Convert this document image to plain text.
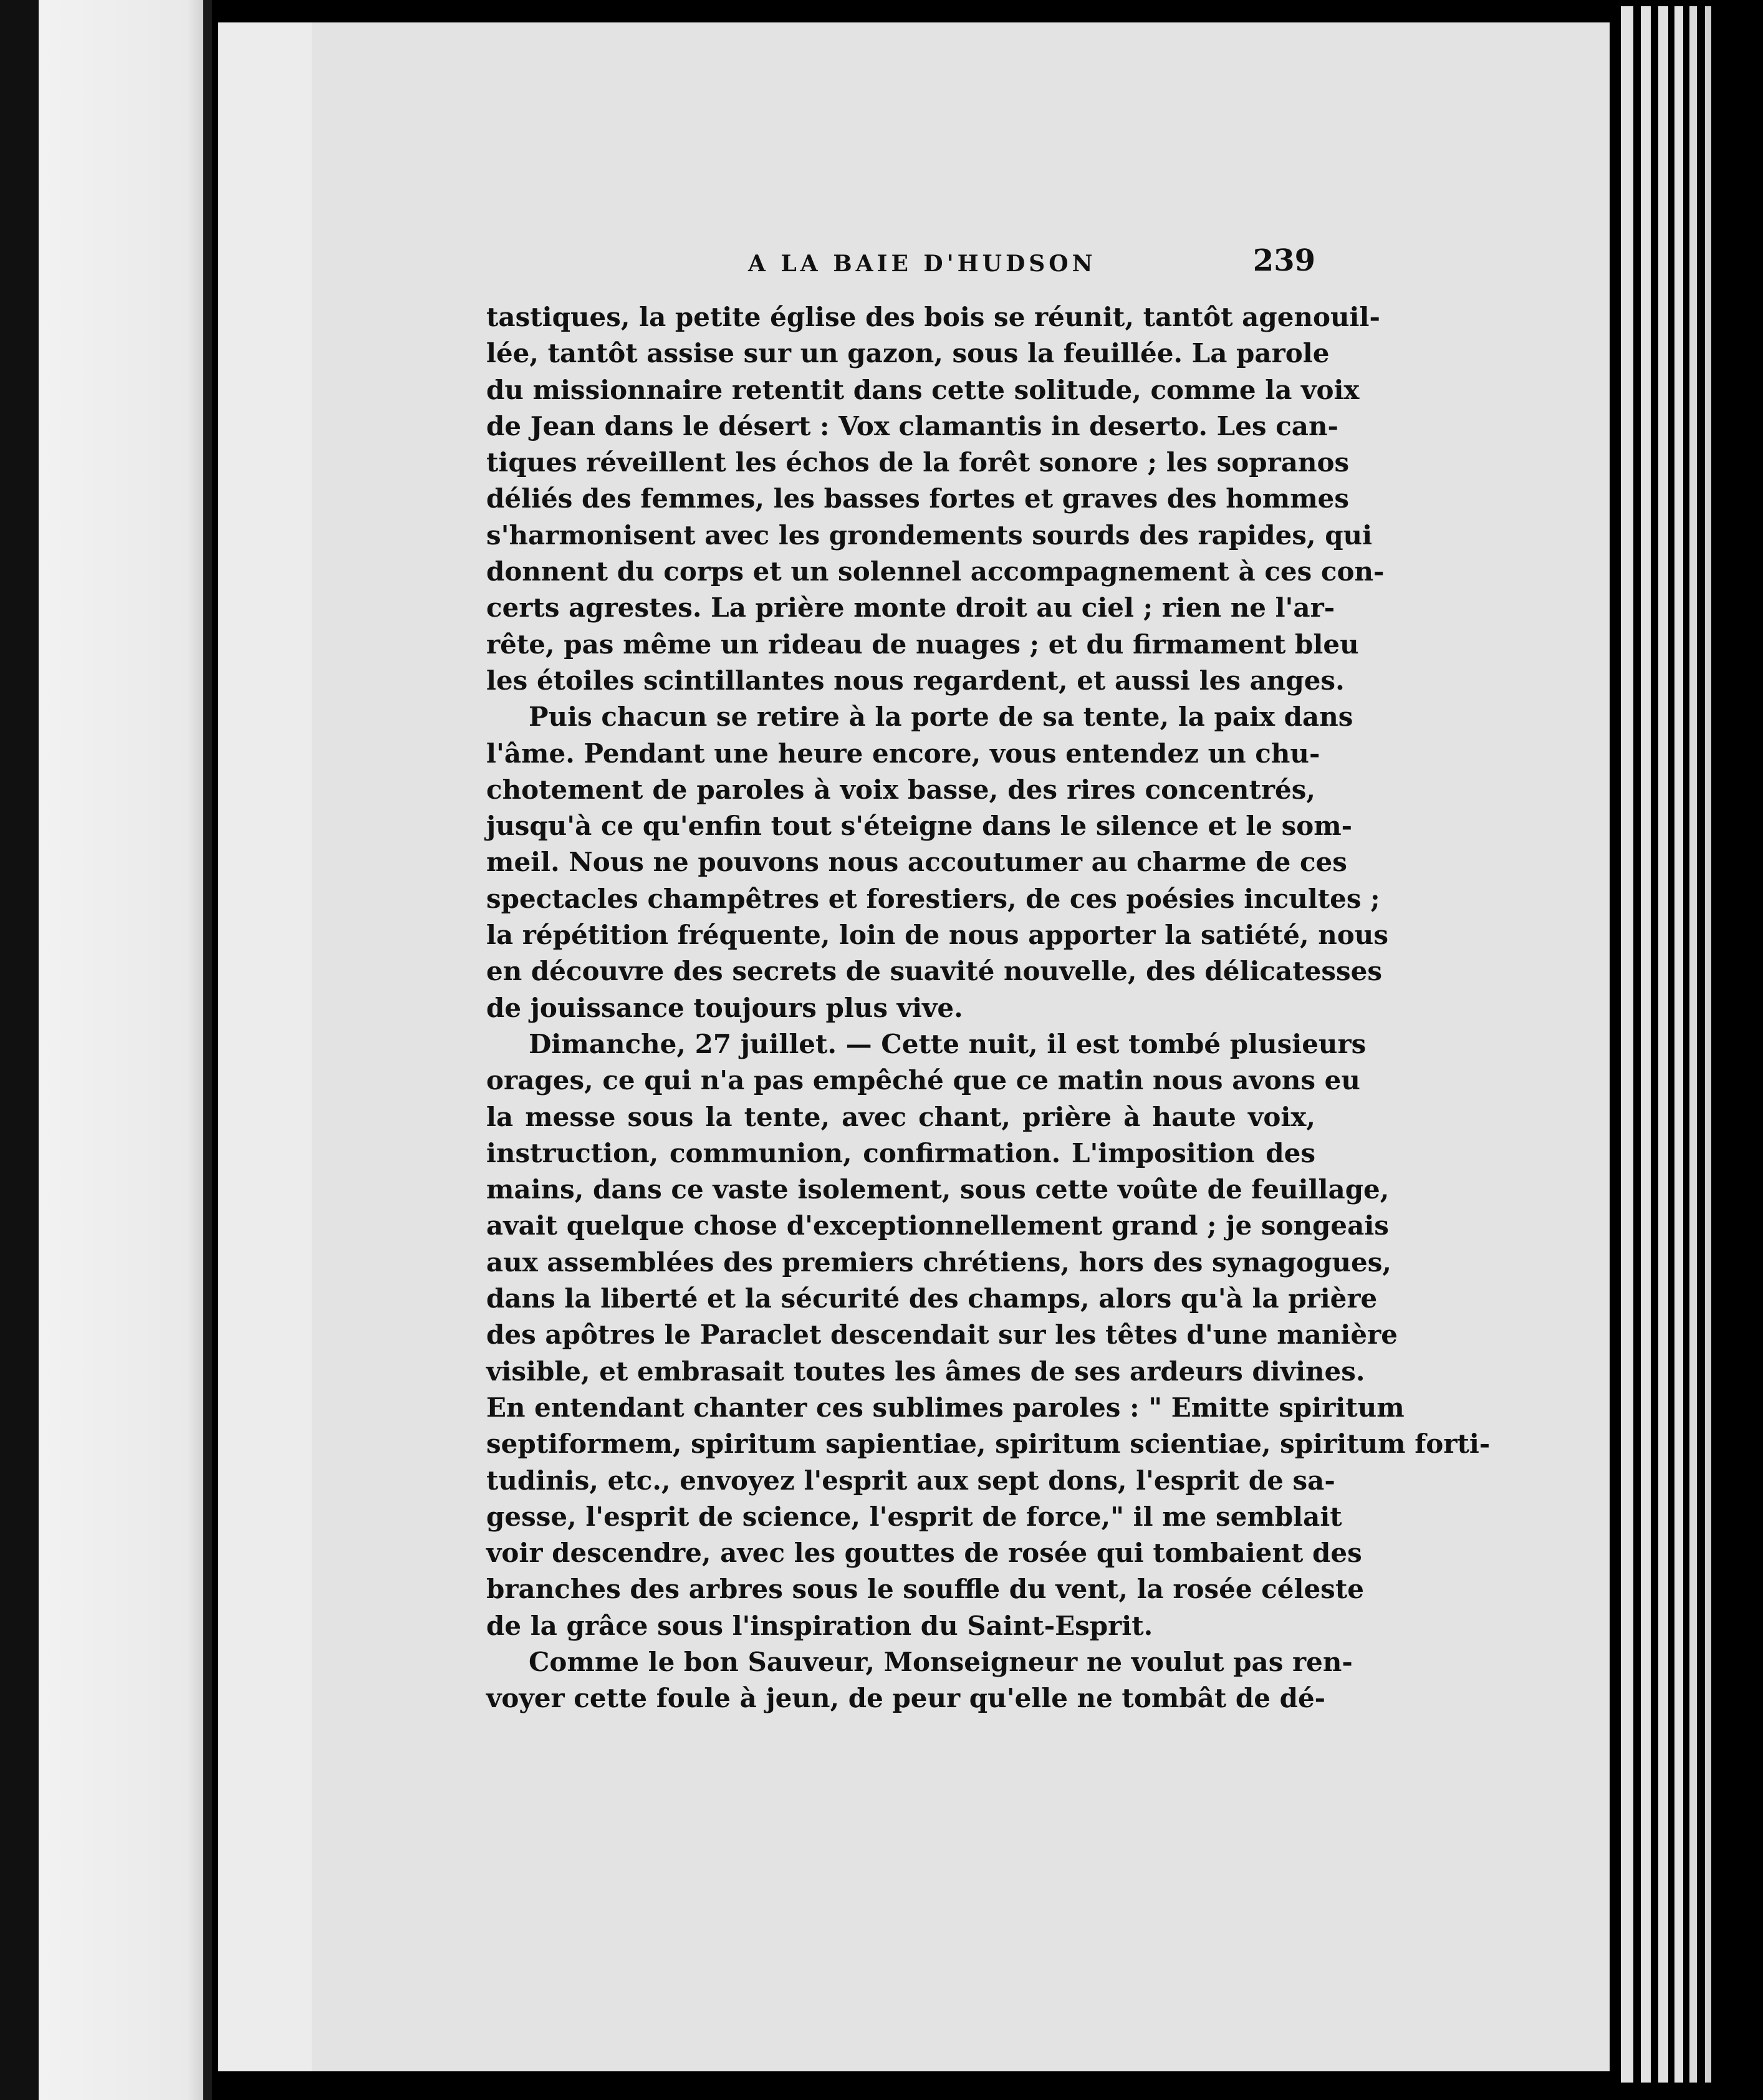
A LA BAIE D'HUDSON	239
tastiques, la petite église des bois se réunit, tantôt agenouil-
lée, tantôt assise sur un gazon, sous la feuillée. La parole
du missionnaire retentit dans cette solitude, comme la voix
de Jean dans le désert : Vox clamantis in deserto. Les can-
tiques réveillent les échos de la forêt sonore ; les sopranos
déliés des femmes, les basses fortes et graves des hommes
s'harmonisent avec les grondements sourds des rapides, qui
donnent du corps et un solennel accompagnement à ces con-
certs agrestes. La prière monte droit au ciel ; rien ne l'ar-
rête, pas même un rideau de nuages ; et du firmament bleu
les étoiles scintillantes nous regardent, et aussi les anges.
Puis chacun se retire à la porte de sa tente, la paix dans
l'âme. Pendant une heure encore, vous entendez un chu-
chotement de paroles à voix basse, des rires concentrés,
jusqu'à ce qu'enfin tout s'éteigne dans le silence et le som-
meil. Nous ne pouvons nous accoutumer au charme de ces
spectacles champêtres et forestiers, de ces poésies incultes ;
la répétition fréquente, loin de nous apporter la satiété, nous
en découvre des secrets de suavité nouvelle, des délicatesses
de jouissance toujours plus vive.
Dimanche, 27 juillet. — Cette nuit, il est tombé plusieurs
orages, ce qui n'a pas empêché que ce matin nous avons eu
la messe sous la tente, avec chant, prière à haute voix,
instruction, communion, confirmation. L'imposition des
mains, dans ce vaste isolement, sous cette voûte de feuillage,
avait quelque chose d'exceptionnellement grand ; je songeais
aux assemblées des premiers chrétiens, hors des synagogues,
dans la liberté et la sécurité des champs, alors qu'à la prière
des apôtres le Paraclet descendait sur les têtes d'une manière
visible, et embrasait toutes les âmes de ses ardeurs divines.
En entendant chanter ces sublimes paroles : " Emitte spiritum
septiformem, spiritum sapientiae, spiritum scientiae, spiritum forti-
tudinis, etc., envoyez l'esprit aux sept dons, l'esprit de sa-
gesse, l'esprit de science, l'esprit de force," il me semblait
voir descendre, avec les gouttes de rosée qui tombaient des
branches des arbres sous le souffle du vent, la rosée céleste
de la grâce sous l'inspiration du Saint-Esprit.
Comme le bon Sauveur, Monseigneur ne voulut pas ren-
voyer cette foule à jeun, de peur qu'elle ne tombât de dé-
